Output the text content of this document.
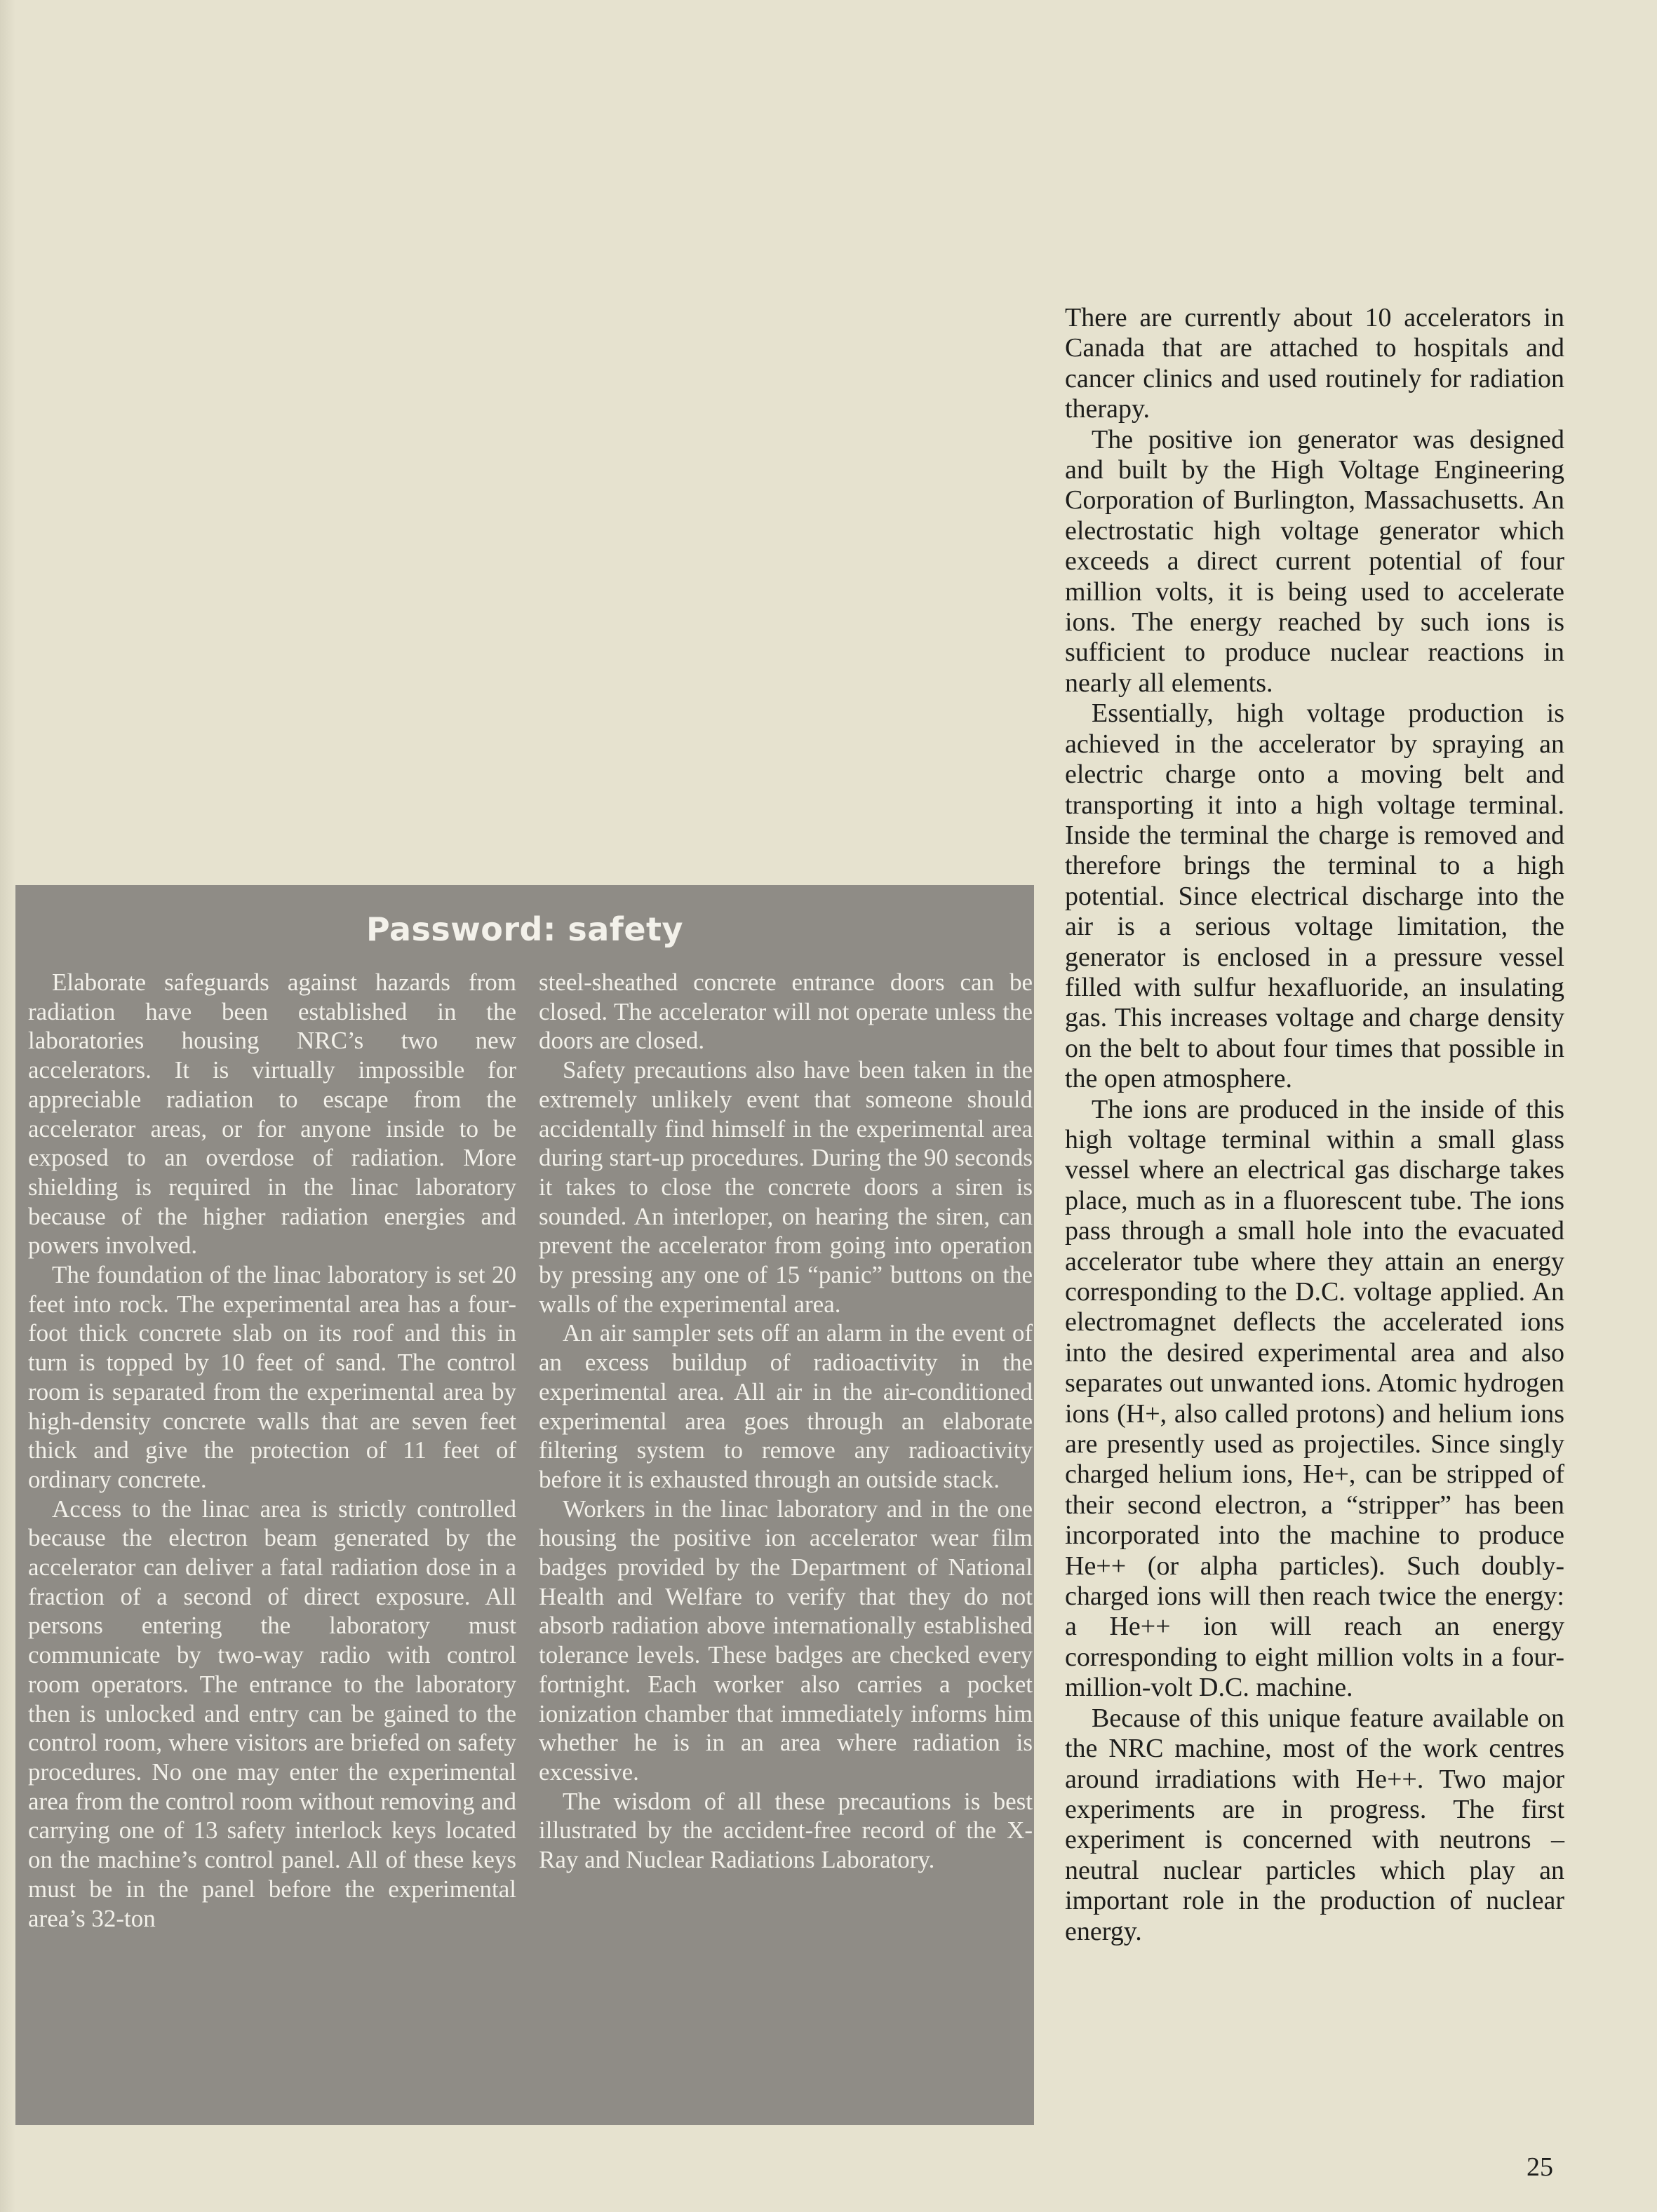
There are currently about 10 accelerators in Canada that are attached to hospitals and cancer clinics and used routinely for radiation therapy.

The positive ion generator was designed and built by the High Voltage Engineering Corporation of Burlington, Massachusetts. An electrostatic high voltage generator which exceeds a direct current potential of four million volts, it is being used to accelerate ions. The energy reached by such ions is sufficient to produce nuclear reactions in nearly all elements.

Essentially, high voltage production is achieved in the accelerator by spraying an electric charge onto a moving belt and transporting it into a high voltage terminal. Inside the terminal the charge is removed and therefore brings the terminal to a high potential. Since electrical discharge into the air is a serious voltage limitation, the generator is enclosed in a pressure vessel filled with sulfur hexafluoride, an insulating gas. This increases voltage and charge density on the belt to about four times that possible in the open atmosphere.

The ions are produced in the inside of this high voltage terminal within a small glass vessel where an electrical gas discharge takes place, much as in a fluorescent tube. The ions pass through a small hole into the evacuated accelerator tube where they attain an energy corresponding to the D.C. voltage applied. An electromagnet deflects the accelerated ions into the desired experimental area and also separates out unwanted ions. Atomic hydrogen ions (H+, also called protons) and helium ions are presently used as projectiles. Since singly charged helium ions, He+, can be stripped of their second electron, a “stripper” has been incorporated into the machine to produce He++ (or alpha particles). Such doubly-charged ions will then reach twice the energy: a He++ ion will reach an energy corresponding to eight million volts in a four-million-volt D.C. machine.

Because of this unique feature available on the NRC machine, most of the work centres around irradiations with He++. Two major experiments are in progress. The first experiment is concerned with neutrons – neutral nuclear particles which play an important role in the production of nuclear energy.

Password: safety

Elaborate safeguards against hazards from radiation have been established in the laboratories housing NRC’s two new accelerators. It is virtually impossible for appreciable radiation to escape from the accelerator areas, or for anyone inside to be exposed to an overdose of radiation. More shielding is required in the linac laboratory because of the higher radiation energies and powers involved.

The foundation of the linac laboratory is set 20 feet into rock. The experimental area has a four-foot thick concrete slab on its roof and this in turn is topped by 10 feet of sand. The control room is separated from the experimental area by high-density concrete walls that are seven feet thick and give the protection of 11 feet of ordinary concrete.

Access to the linac area is strictly controlled because the electron beam generated by the accelerator can deliver a fatal radiation dose in a fraction of a second of direct exposure. All persons entering the laboratory must communicate by two-way radio with control room operators. The entrance to the laboratory then is unlocked and entry can be gained to the control room, where visitors are briefed on safety procedures. No one may enter the experimental area from the control room without removing and carrying one of 13 safety interlock keys located on the machine’s control panel. All of these keys must be in the panel before the experimental area’s 32-ton

steel-sheathed concrete entrance doors can be closed. The accelerator will not operate unless the doors are closed.

Safety precautions also have been taken in the extremely unlikely event that someone should accidentally find himself in the experimental area during start-up procedures. During the 90 seconds it takes to close the concrete doors a siren is sounded. An interloper, on hearing the siren, can prevent the accelerator from going into operation by pressing any one of 15 “panic” buttons on the walls of the experimental area.

An air sampler sets off an alarm in the event of an excess buildup of radioactivity in the experimental area. All air in the air-conditioned experimental area goes through an elaborate filtering system to remove any radioactivity before it is exhausted through an outside stack.

Workers in the linac laboratory and in the one housing the positive ion accelerator wear film badges provided by the Department of National Health and Welfare to verify that they do not absorb radiation above internationally established tolerance levels. These badges are checked every fortnight. Each worker also carries a pocket ionization chamber that immediately informs him whether he is in an area where radiation is excessive.

The wisdom of all these precautions is best illustrated by the accident-free record of the X-Ray and Nuclear Radiations Laboratory.

25
